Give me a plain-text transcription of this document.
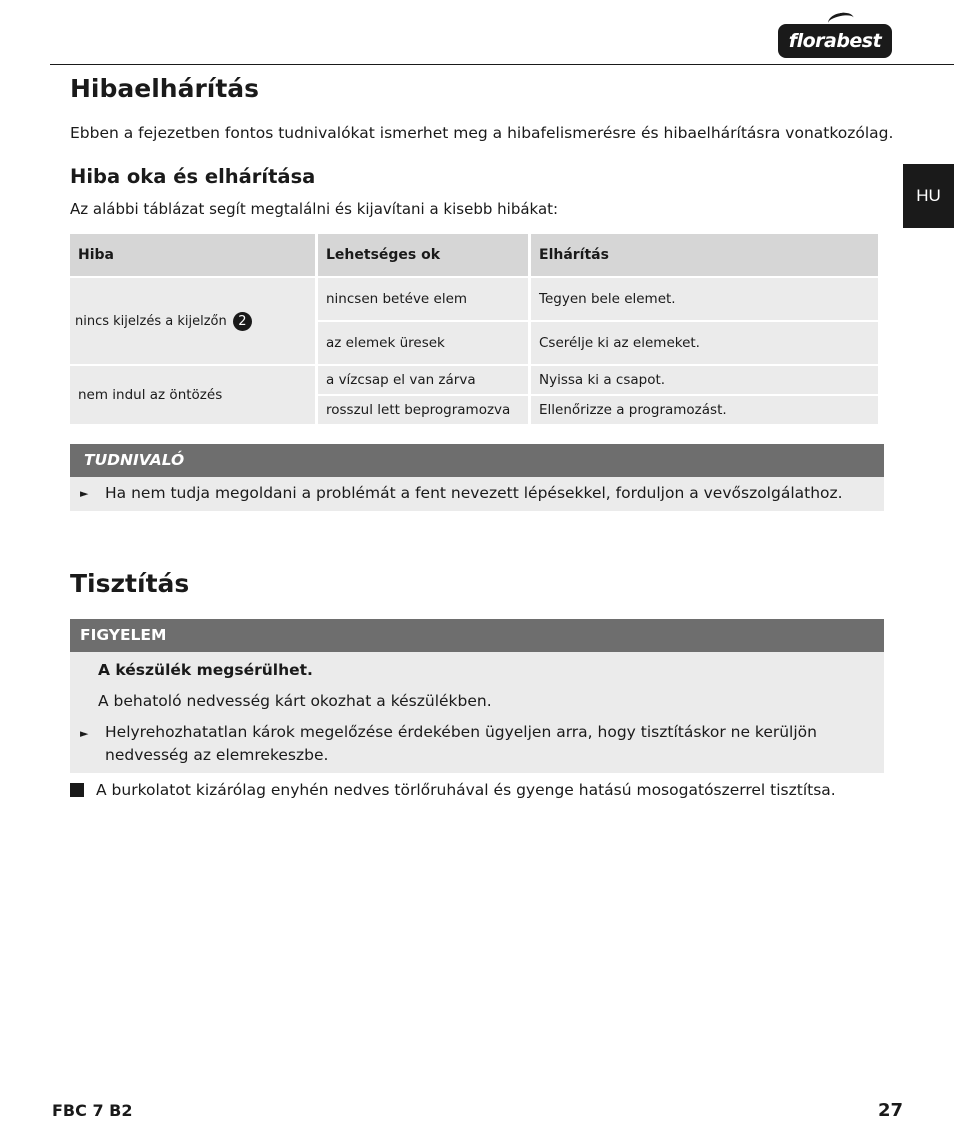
florabest
HU
Hibaelhárítás

Ebben a fejezetben fontos tudnivalókat ismerhet meg a hibafelismerésre és hibaelhárításra vonatkozólag.

Hiba oka és elhárítása

Az alábbi táblázat segít megtalálni és kijavítani a kisebb hibákat:

Hiba	Lehetséges ok	Elhárítás
nincs kijelzés a kijelzőn 2	nincsen betéve elem	Tegyen bele elemet.
	az elemek üresek	Cserélje ki az elemeket.
nem indul az öntözés	a vízcsap el van zárva	Nyissa ki a csapot.
	rosszul lett beprogramozva	Ellenőrizze a programozást.
TUDNIVALÓ
► Ha nem tudja megoldani a problémát a fent nevezett lépésekkel, forduljon a vevőszolgálathoz.

Tisztítás
FIGYELEM

A készülék megsérülhet.

A behatoló nedvesség kárt okozhat a készülékben.

► Helyrehozhatatlan károk megelőzése érdekében ügyeljen arra, hogy tisztításkor ne kerüljön

nedvesség az elemrekeszbe.

A burkolatot kizárólag enyhén nedves törlőruhával és gyenge hatású mosogatószerrel tisztítsa.

FBC 7 B2	27
